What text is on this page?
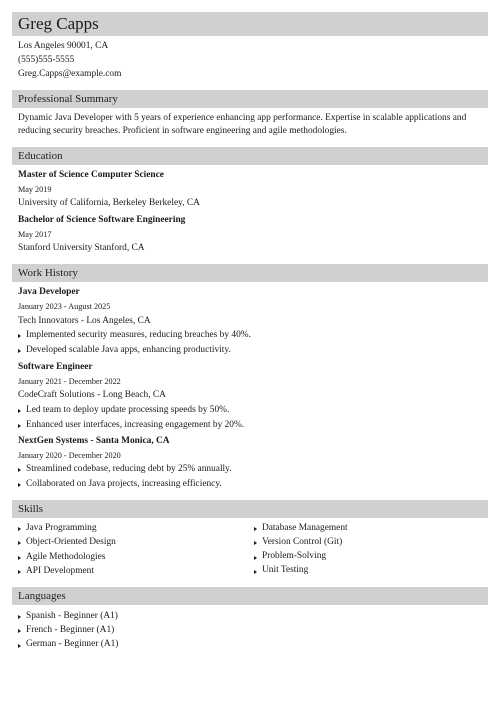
Greg Capps
Los Angeles 90001, CA
(555)555-5555
Greg.Capps@example.com
Professional Summary
Dynamic Java Developer with 5 years of experience enhancing app performance. Expertise in scalable applications and reducing security breaches. Proficient in software engineering and agile methodologies.
Education
Master of Science Computer Science
May 2019
University of California, Berkeley Berkeley, CA
Bachelor of Science Software Engineering
May 2017
Stanford University Stanford, CA
Work History
Java Developer
January 2023 - August 2025
Tech Innovators - Los Angeles, CA
Implemented security measures, reducing breaches by 40%.
Developed scalable Java apps, enhancing productivity.
Software Engineer
January 2021 - December 2022
CodeCraft Solutions - Long Beach, CA
Led team to deploy update processing speeds by 50%.
Enhanced user interfaces, increasing engagement by 20%.
NextGen Systems - Santa Monica, CA
January 2020 - December 2020
Streamlined codebase, reducing debt by 25% annually.
Collaborated on Java projects, increasing efficiency.
Skills
Java Programming
Object-Oriented Design
Agile Methodologies
API Development
Database Management
Version Control (Git)
Problem-Solving
Unit Testing
Languages
Spanish - Beginner (A1)
French - Beginner (A1)
German - Beginner (A1)
